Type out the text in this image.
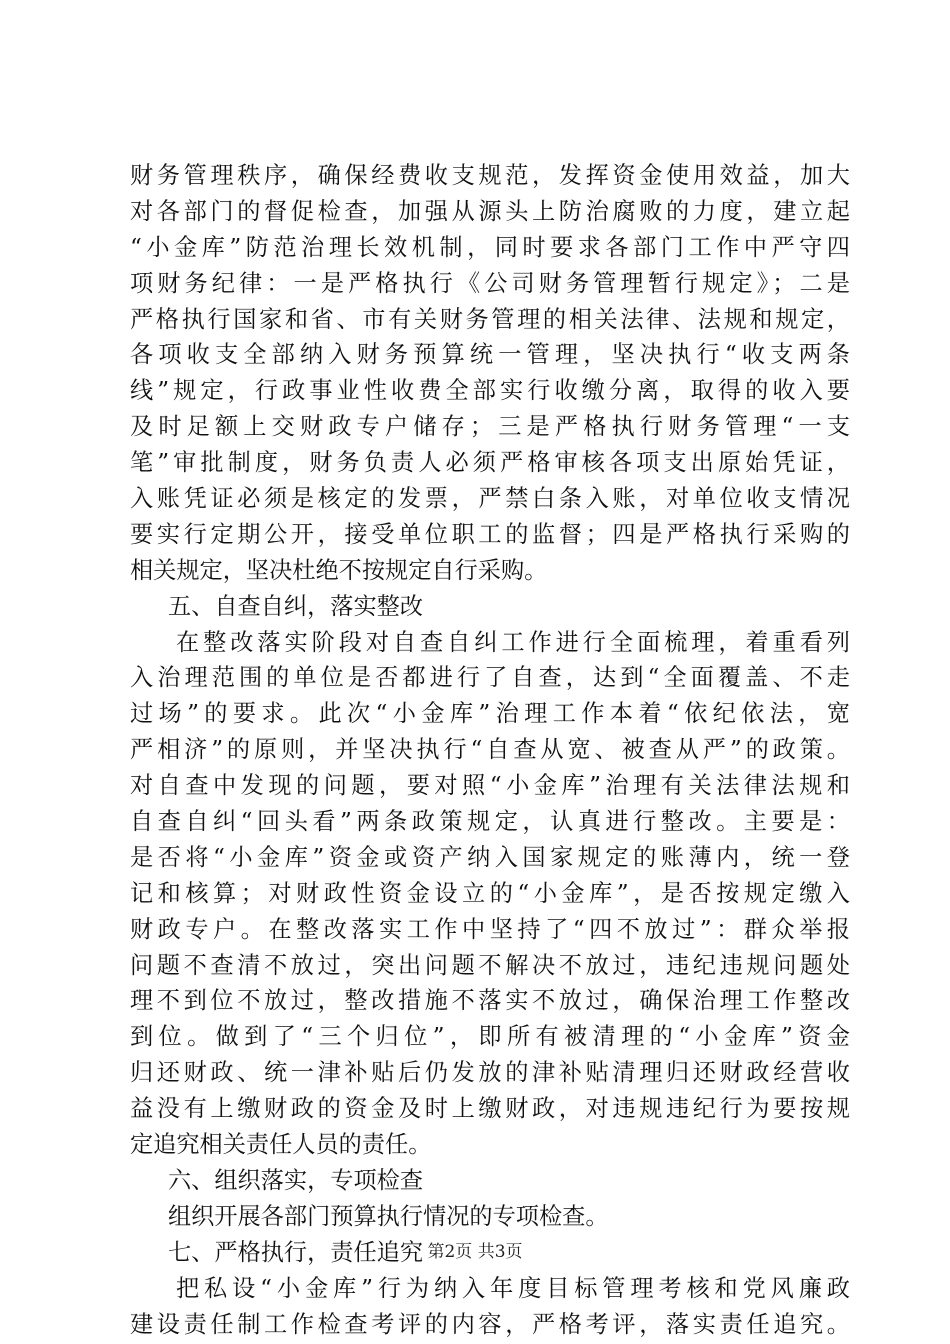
财务管理秩序，确保经费收支规范，发挥资金使用效益，加大
对各部门的督促检查，加强从源头上防治腐败的力度，建立起
“小金库”防范治理长效机制，同时要求各部门工作中严守四
项财务纪律：一是严格执行《公司财务管理暂行规定》；二是
严格执行国家和省、市有关财务管理的相关法律、法规和规定，
各项收支全部纳入财务预算统一管理，坚决执行“收支两条
线”规定，行政事业性收费全部实行收缴分离，取得的收入要
及时足额上交财政专户储存；三是严格执行财务管理“一支
笔”审批制度，财务负责人必须严格审核各项支出原始凭证，
入账凭证必须是核定的发票，严禁白条入账，对单位收支情况
要实行定期公开，接受单位职工的监督；四是严格执行采购的
相关规定，坚决杜绝不按规定自行采购。
五、自查自纠，落实整改
在整改落实阶段对自查自纠工作进行全面梳理，着重看列
入治理范围的单位是否都进行了自查，达到“全面覆盖、不走
过场”的要求。此次“小金库”治理工作本着“依纪依法，宽
严相济”的原则，并坚决执行“自查从宽、被查从严”的政策。
对自查中发现的问题，要对照“小金库”治理有关法律法规和
自查自纠“回头看”两条政策规定，认真进行整改。主要是：
是否将“小金库”资金或资产纳入国家规定的账薄内，统一登
记和核算；对财政性资金设立的“小金库”，是否按规定缴入
财政专户。在整改落实工作中坚持了“四不放过”：群众举报
问题不查清不放过，突出问题不解决不放过，违纪违规问题处
理不到位不放过，整改措施不落实不放过，确保治理工作整改
到位。做到了“三个归位”，即所有被清理的“小金库”资金
归还财政、统一津补贴后仍发放的津补贴清理归还财政经营收
益没有上缴财政的资金及时上缴财政，对违规违纪行为要按规
定追究相关责任人员的责任。
六、组织落实，专项检查
组织开展各部门预算执行情况的专项检查。
七、严格执行，责任追究
把私设“小金库”行为纳入年度目标管理考核和党风廉政
建设责任制工作检查考评的内容，严格考评，落实责任追究。
第2页 共3页
